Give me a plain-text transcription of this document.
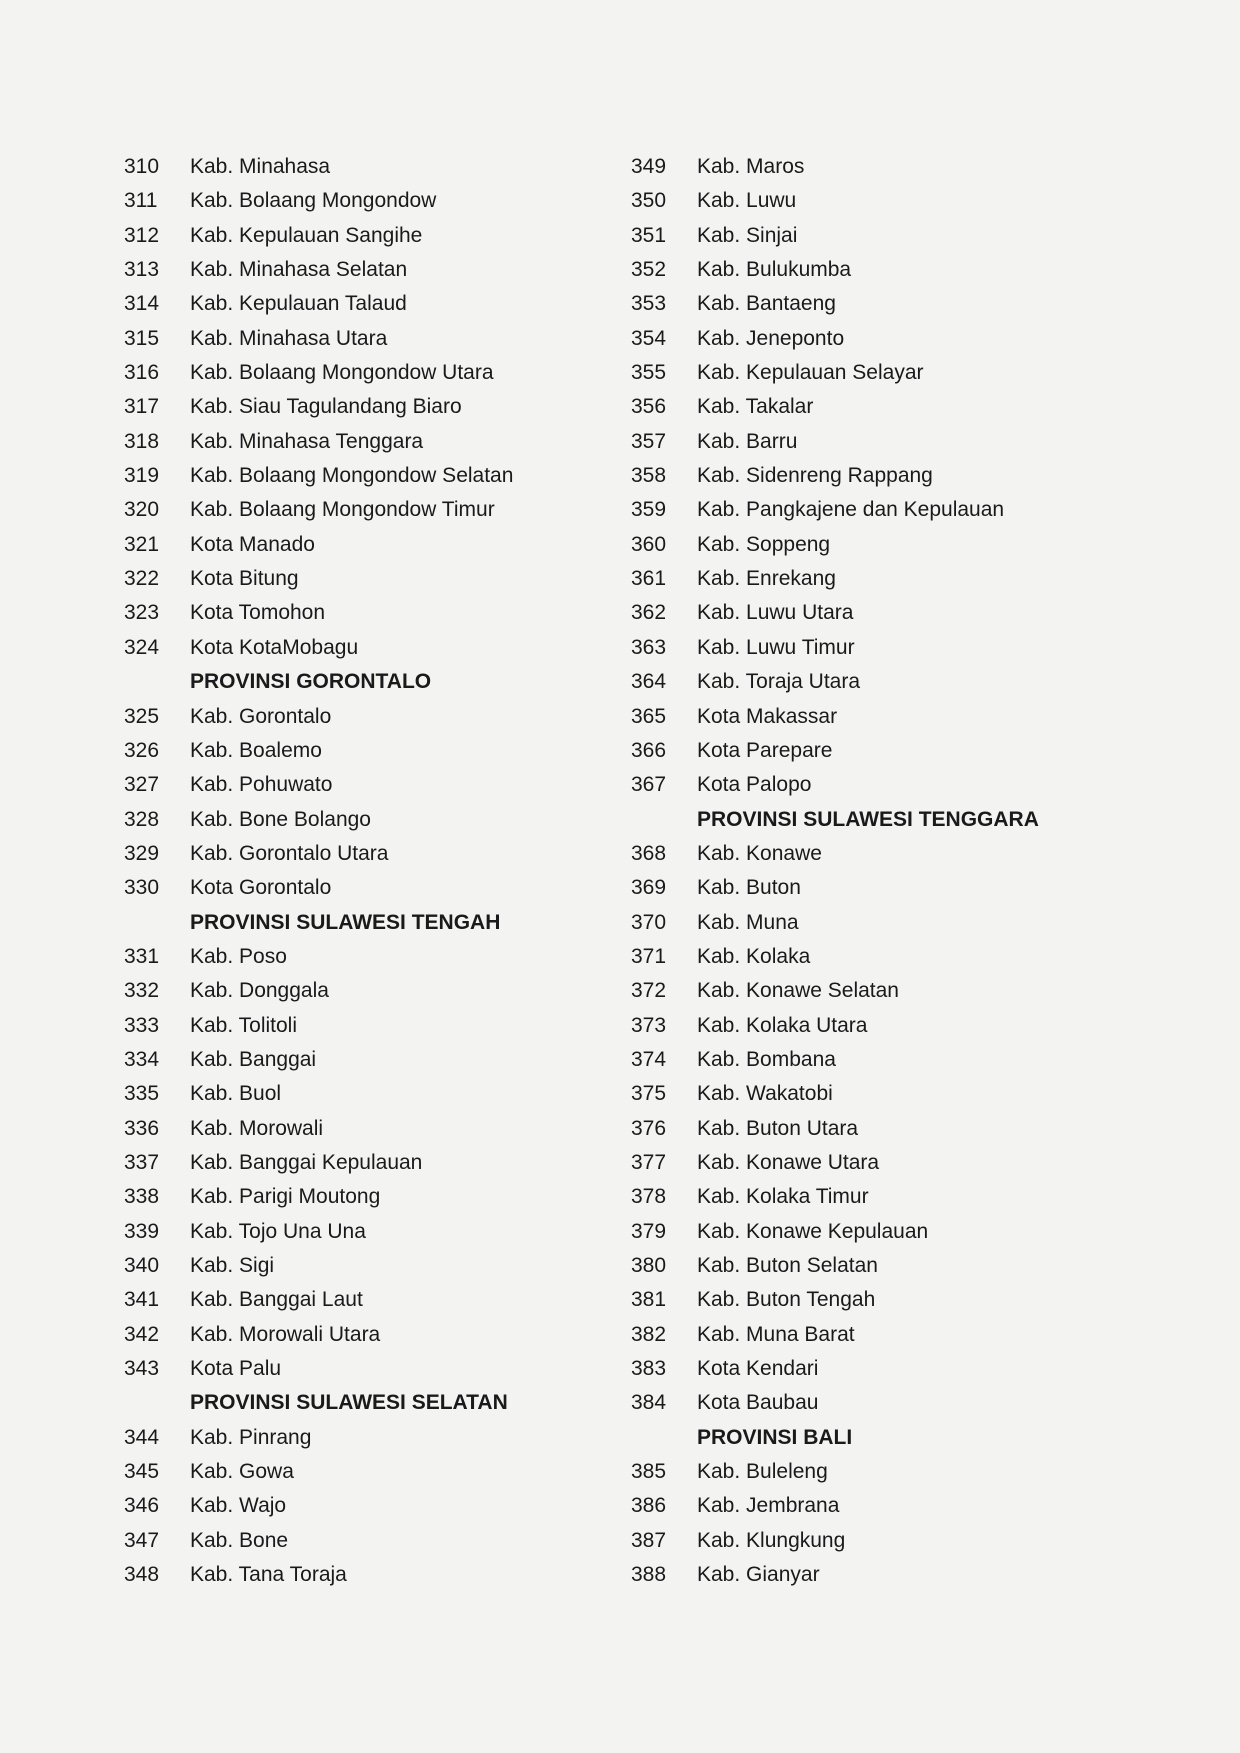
310	Kab. Minahasa
311	Kab. Bolaang Mongondow
312	Kab. Kepulauan Sangihe
313	Kab. Minahasa Selatan
314	Kab. Kepulauan Talaud
315	Kab. Minahasa Utara
316	Kab. Bolaang Mongondow Utara
317	Kab. Siau Tagulandang Biaro
318	Kab. Minahasa Tenggara
319	Kab. Bolaang Mongondow Selatan
320	Kab. Bolaang Mongondow Timur
321	Kota Manado
322	Kota Bitung
323	Kota Tomohon
324	Kota KotaMobagu
PROVINSI GORONTALO
325	Kab. Gorontalo
326	Kab. Boalemo
327	Kab. Pohuwato
328	Kab. Bone Bolango
329	Kab. Gorontalo Utara
330	Kota Gorontalo
PROVINSI SULAWESI TENGAH
331	Kab. Poso
332	Kab. Donggala
333	Kab. Tolitoli
334	Kab. Banggai
335	Kab. Buol
336	Kab. Morowali
337	Kab. Banggai Kepulauan
338	Kab. Parigi Moutong
339	Kab. Tojo Una Una
340	Kab. Sigi
341	Kab. Banggai Laut
342	Kab. Morowali Utara
343	Kota Palu
PROVINSI SULAWESI SELATAN
344	Kab. Pinrang
345	Kab. Gowa
346	Kab. Wajo
347	Kab. Bone
348	Kab. Tana Toraja
349	Kab. Maros
350	Kab. Luwu
351	Kab. Sinjai
352	Kab. Bulukumba
353	Kab. Bantaeng
354	Kab. Jeneponto
355	Kab. Kepulauan Selayar
356	Kab. Takalar
357	Kab. Barru
358	Kab. Sidenreng Rappang
359	Kab. Pangkajene dan Kepulauan
360	Kab. Soppeng
361	Kab. Enrekang
362	Kab. Luwu Utara
363	Kab. Luwu Timur
364	Kab. Toraja Utara
365	Kota Makassar
366	Kota Parepare
367	Kota Palopo
PROVINSI SULAWESI TENGGARA
368	Kab. Konawe
369	Kab. Buton
370	Kab. Muna
371	Kab. Kolaka
372	Kab. Konawe Selatan
373	Kab. Kolaka Utara
374	Kab. Bombana
375	Kab. Wakatobi
376	Kab. Buton Utara
377	Kab. Konawe Utara
378	Kab. Kolaka Timur
379	Kab. Konawe Kepulauan
380	Kab. Buton Selatan
381	Kab. Buton Tengah
382	Kab. Muna Barat
383	Kota Kendari
384	Kota Baubau
PROVINSI BALI
385	Kab. Buleleng
386	Kab. Jembrana
387	Kab. Klungkung
388	Kab. Gianyar
